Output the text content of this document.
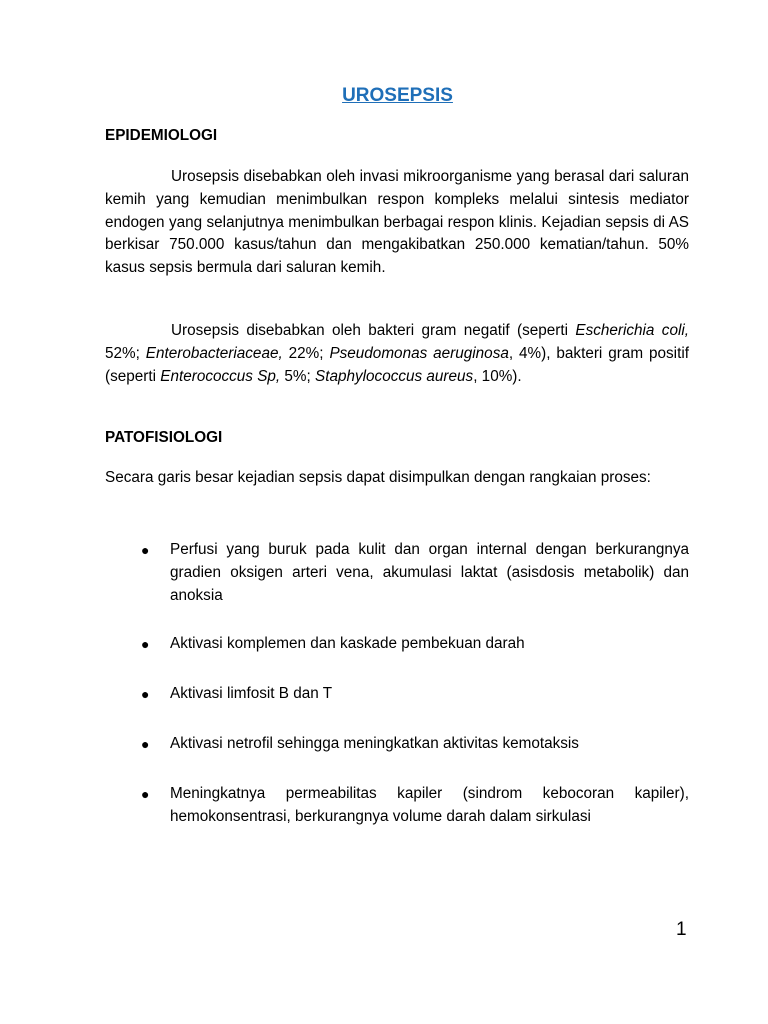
UROSEPSIS
EPIDEMIOLOGI

Urosepsis disebabkan oleh invasi mikroorganisme yang berasal dari saluran kemih yang kemudian menimbulkan respon kompleks melalui sintesis mediator endogen yang selanjutnya menimbulkan berbagai respon klinis. Kejadian sepsis di AS berkisar 750.000 kasus/tahun dan mengakibatkan 250.000 kematian/tahun. 50% kasus sepsis bermula dari saluran kemih.

Urosepsis disebabkan oleh bakteri gram negatif (seperti Escherichia coli, 52%; Enterobacteriaceae, 22%; Pseudomonas aeruginosa, 4%), bakteri gram positif (seperti Enterococcus Sp, 5%; Staphylococcus aureus, 10%).

PATOFISIOLOGI

Secara garis besar kejadian sepsis dapat disimpulkan dengan rangkaian proses:

● Perfusi yang buruk pada kulit dan organ internal dengan berkurangnya gradien oksigen arteri vena, akumulasi laktat (asisdosis metabolik) dan anoksia
● Aktivasi komplemen dan kaskade pembekuan darah
● Aktivasi limfosit B dan T
● Aktivasi netrofil sehingga meningkatkan aktivitas kemotaksis
● Meningkatnya permeabilitas kapiler (sindrom kebocoran kapiler), hemokonsentrasi, berkurangnya volume darah dalam sirkulasi
1
